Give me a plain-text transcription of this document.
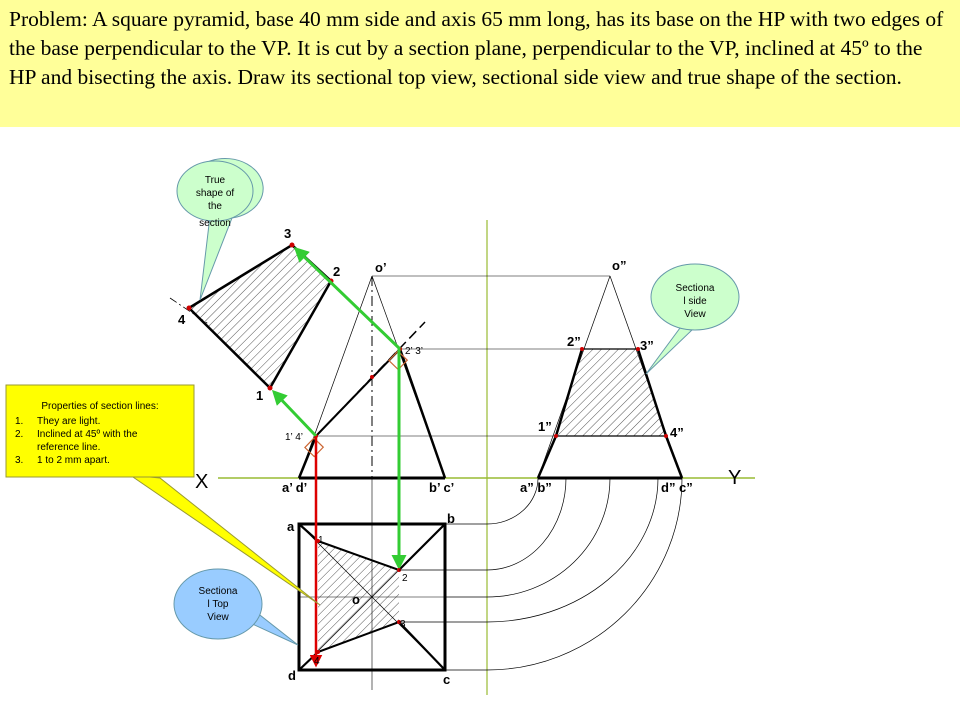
Problem: A square pyramid, base 40 mm side and axis 65 mm long, has its base on the HP with two edges of the base perpendicular to the VP. It is cut by a section plane, perpendicular to the VP, inclined at 45º to the HP and bisecting the axis. Draw its sectional top view, sectional side view and true shape of the section.

X	Y
o’
2’ 3’
1’ 4’
a’ d’	b’ c’
3
2
4
1
o”
2”	3”
1”	4”
a” b”	d” c”
a
b
c
d
o
1
2
3
4
True
shape of
the
section
Sectiona
l side
View
Sectiona
l Top
View
Properties of section lines:
1. They are light.
2. Inclined at 45º with the
reference line.
3. 1 to 2 mm apart.
